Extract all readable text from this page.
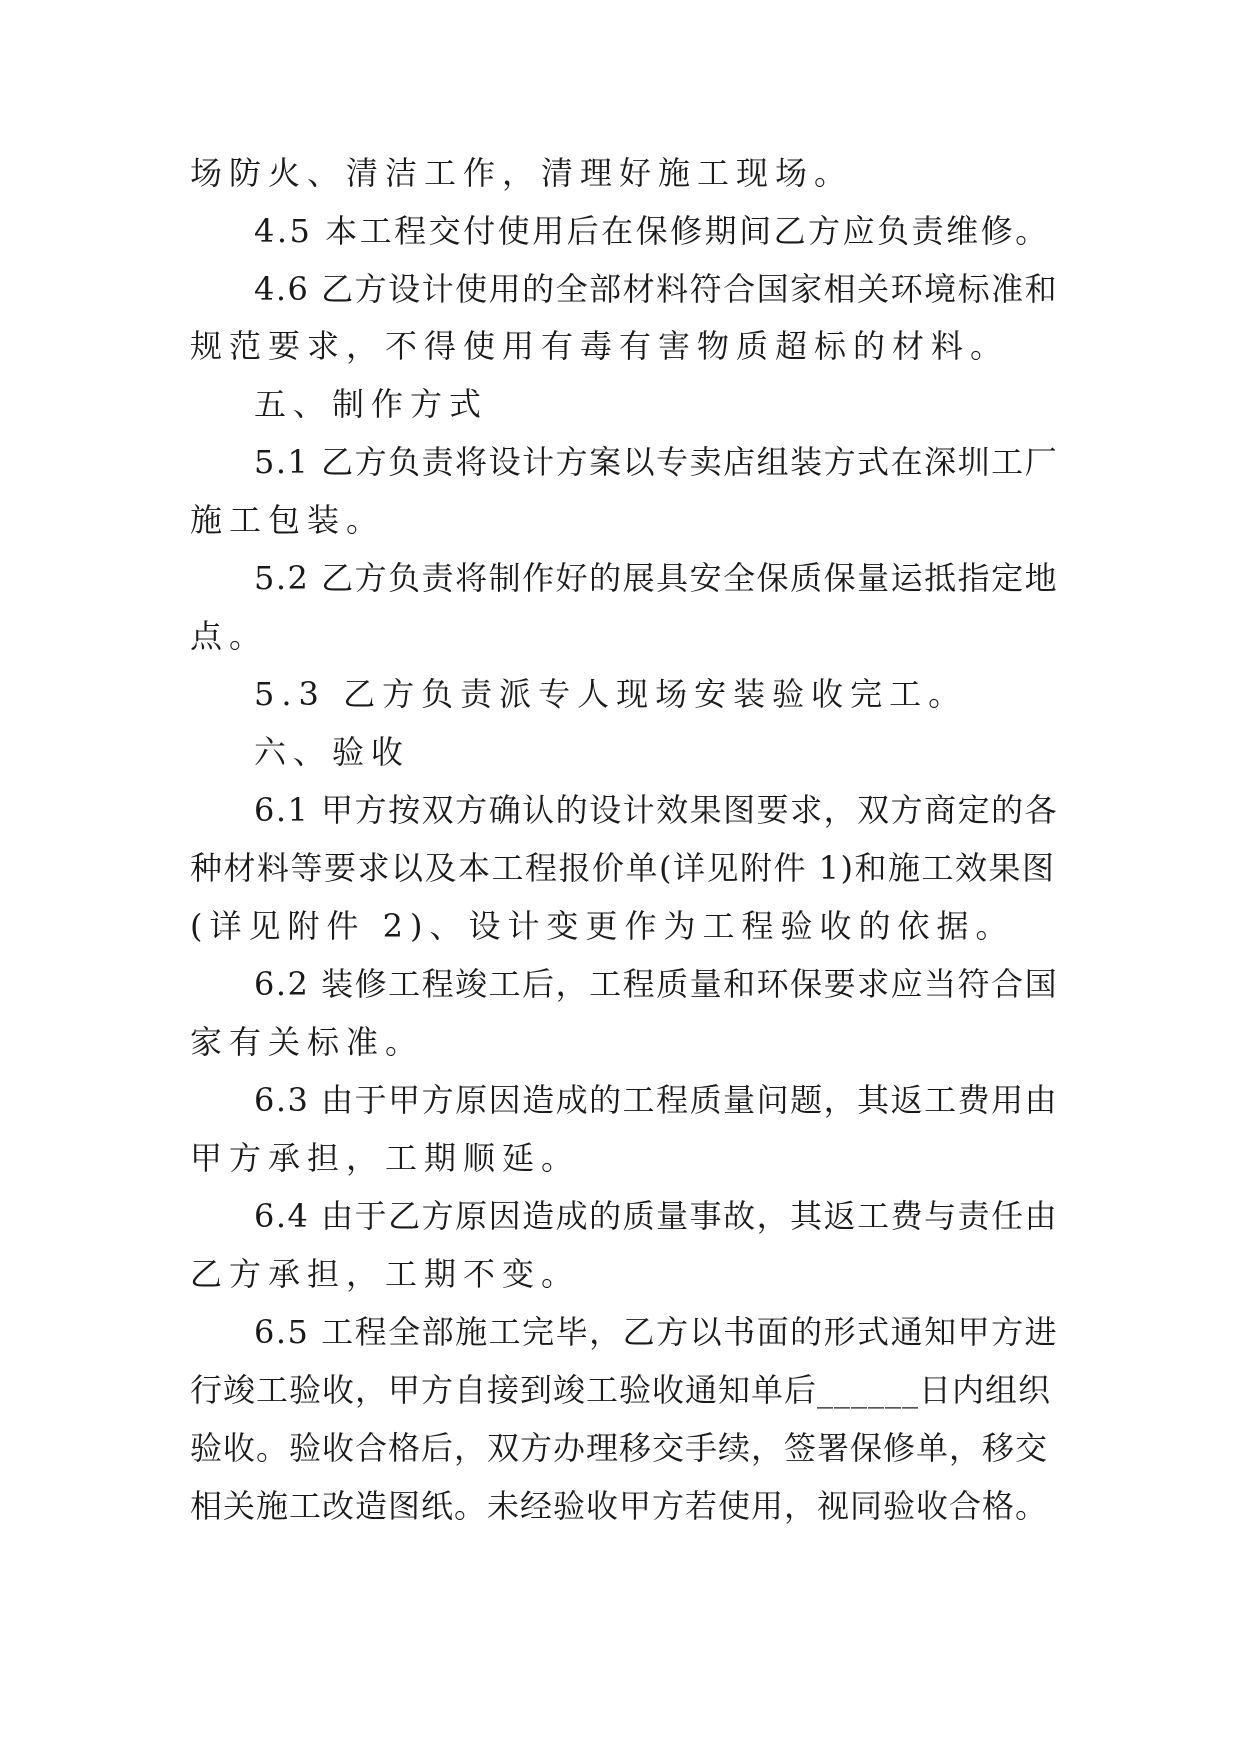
场防火、清洁工作，清理好施工现场。
4.5 本工程交付使用后在保修期间乙方应负责维修。
4.6 乙方设计使用的全部材料符合国家相关环境标准和
规范要求，不得使用有毒有害物质超标的材料。
五、制作方式
5.1 乙方负责将设计方案以专卖店组装方式在深圳工厂
施工包装。
5.2 乙方负责将制作好的展具安全保质保量运抵指定地
点。
5.3 乙方负责派专人现场安装验收完工。
六、验收
6.1 甲方按双方确认的设计效果图要求，双方商定的各
种材料等要求以及本工程报价单(详见附件 1)和施工效果图
(详见附件 2)、设计变更作为工程验收的依据。
6.2 装修工程竣工后，工程质量和环保要求应当符合国
家有关标准。
6.3 由于甲方原因造成的工程质量问题，其返工费用由
甲方承担，工期顺延。
6.4 由于乙方原因造成的质量事故，其返工费与责任由
乙方承担，工期不变。
6.5 工程全部施工完毕，乙方以书面的形式通知甲方进
行竣工验收，甲方自接到竣工验收通知单后______日内组织
验收。验收合格后，双方办理移交手续，签署保修单，移交
相关施工改造图纸。未经验收甲方若使用，视同验收合格。
